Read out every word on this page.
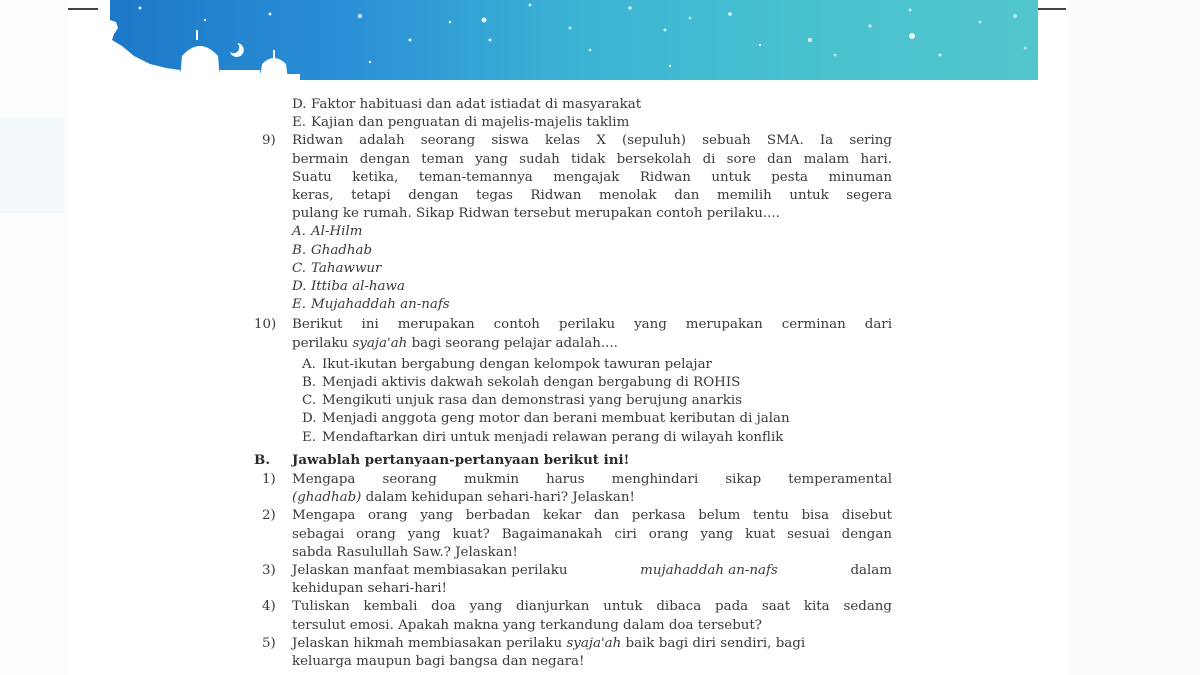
D. Faktor habituasi dan adat istiadat di masyarakat
E. Kajian dan penguatan di majelis-majelis taklim
9)	Ridwan adalah seorang siswa kelas X (sepuluh) sebuah SMA. Ia sering
bermain dengan teman yang sudah tidak bersekolah di sore dan malam hari.
Suatu ketika, teman-temannya mengajak Ridwan untuk pesta minuman
keras, tetapi dengan tegas Ridwan menolak dan memilih untuk segera
pulang ke rumah. Sikap Ridwan tersebut merupakan contoh perilaku....
A. Al-Hilm
B. Ghadhab
C. Tahawwur
D. Ittiba al-hawa
E. Mujahaddah an-nafs
10)	Berikut ini merupakan contoh perilaku yang merupakan cerminan dari
perilaku syaja'ah bagi seorang pelajar adalah....
A. Ikut-ikutan bergabung dengan kelompok tawuran pelajar
B. Menjadi aktivis dakwah sekolah dengan bergabung di ROHIS
C. Mengikuti unjuk rasa dan demonstrasi yang berujung anarkis
D. Menjadi anggota geng motor dan berani membuat keributan di jalan
E. Mendaftarkan diri untuk menjadi relawan perang di wilayah konflik
B.	Jawablah pertanyaan-pertanyaan berikut ini!
1)	Mengapa seorang mukmin harus menghindari sikap temperamental
(ghadhab) dalam kehidupan sehari-hari? Jelaskan!
2)	Mengapa orang yang berbadan kekar dan perkasa belum tentu bisa disebut
sebagai orang yang kuat? Bagaimanakah ciri orang yang kuat sesuai dengan
sabda Rasulullah Saw.? Jelaskan!
3)	Jelaskan manfaat membiasakan perilaku	mujahaddah an-nafs	dalam
kehidupan sehari-hari!
4)	Tuliskan kembali doa yang dianjurkan untuk dibaca pada saat kita sedang
tersulut emosi. Apakah makna yang terkandung dalam doa tersebut?
5)	Jelaskan hikmah membiasakan perilaku syaja'ah baik bagi diri sendiri, bagi
keluarga maupun bagi bangsa dan negara!
